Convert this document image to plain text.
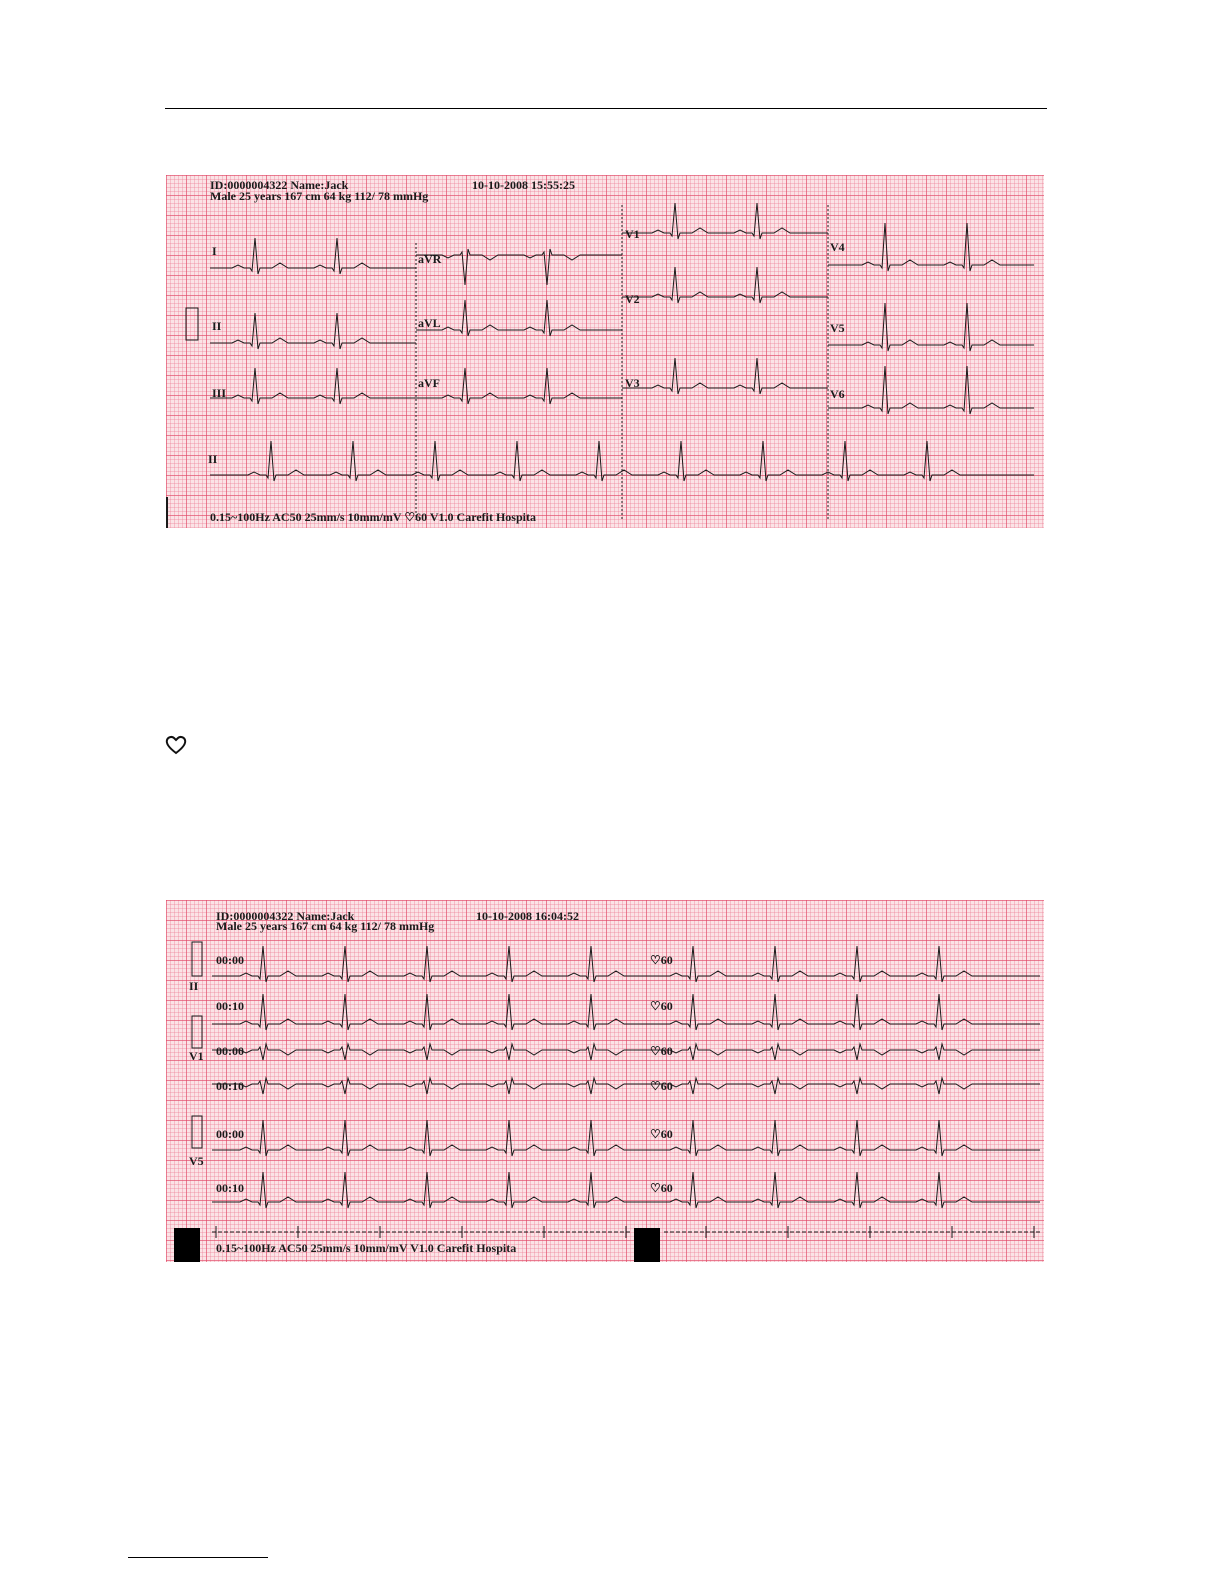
ID:0000004322 Name:Jack	10-10-2008 15:55:25

Male 25 years 167 cm 64 kg 112/ 78 mmHg

I

aVR

V1

V4

II	aVL

V2

V5

III

aVF	V3

V6

II

0.15~100Hz AC50 25mm/s 10mm/mV ♡60 V1.0 Carefit Hospita

ID:0000004322 Name:Jack	10-10-2008 16:04:52

Male 25 years 167 cm 64 kg 112/ 78 mmHg

II

V1

V5

00:00

00:10

00:00

00:10

00:00

00:10

♡60

♡60

♡60

♡60

♡60

♡60

0.15~100Hz AC50 25mm/s 10mm/mV V1.0 Carefit Hospita
